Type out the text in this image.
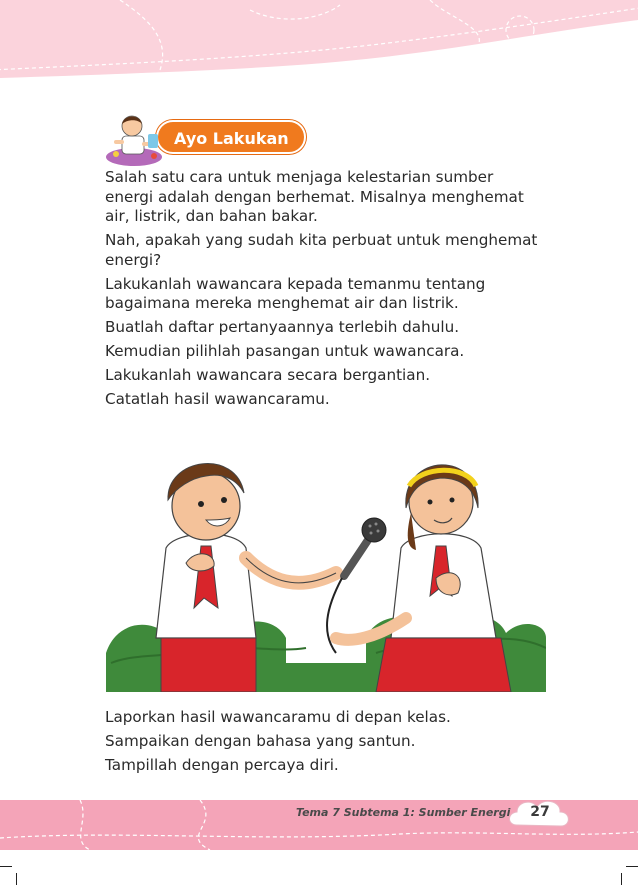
Ayo Lakukan

Salah satu cara untuk menjaga kelestarian sumber energi adalah dengan berhemat. Misalnya menghemat air, listrik, dan bahan bakar.

Nah, apakah yang sudah kita perbuat untuk menghemat energi?

Lakukanlah wawancara kepada temanmu tentang bagaimana mereka menghemat air dan listrik.

Buatlah daftar pertanyaannya terlebih dahulu.

Kemudian pilihlah pasangan untuk wawancara.

Lakukanlah wawancara secara bergantian.

Catatlah hasil wawancaramu.

Laporkan hasil wawancaramu di depan kelas.

Sampaikan dengan bahasa yang santun.

Tampillah dengan percaya diri.

Tema 7 Subtema 1: Sumber Energi	27
